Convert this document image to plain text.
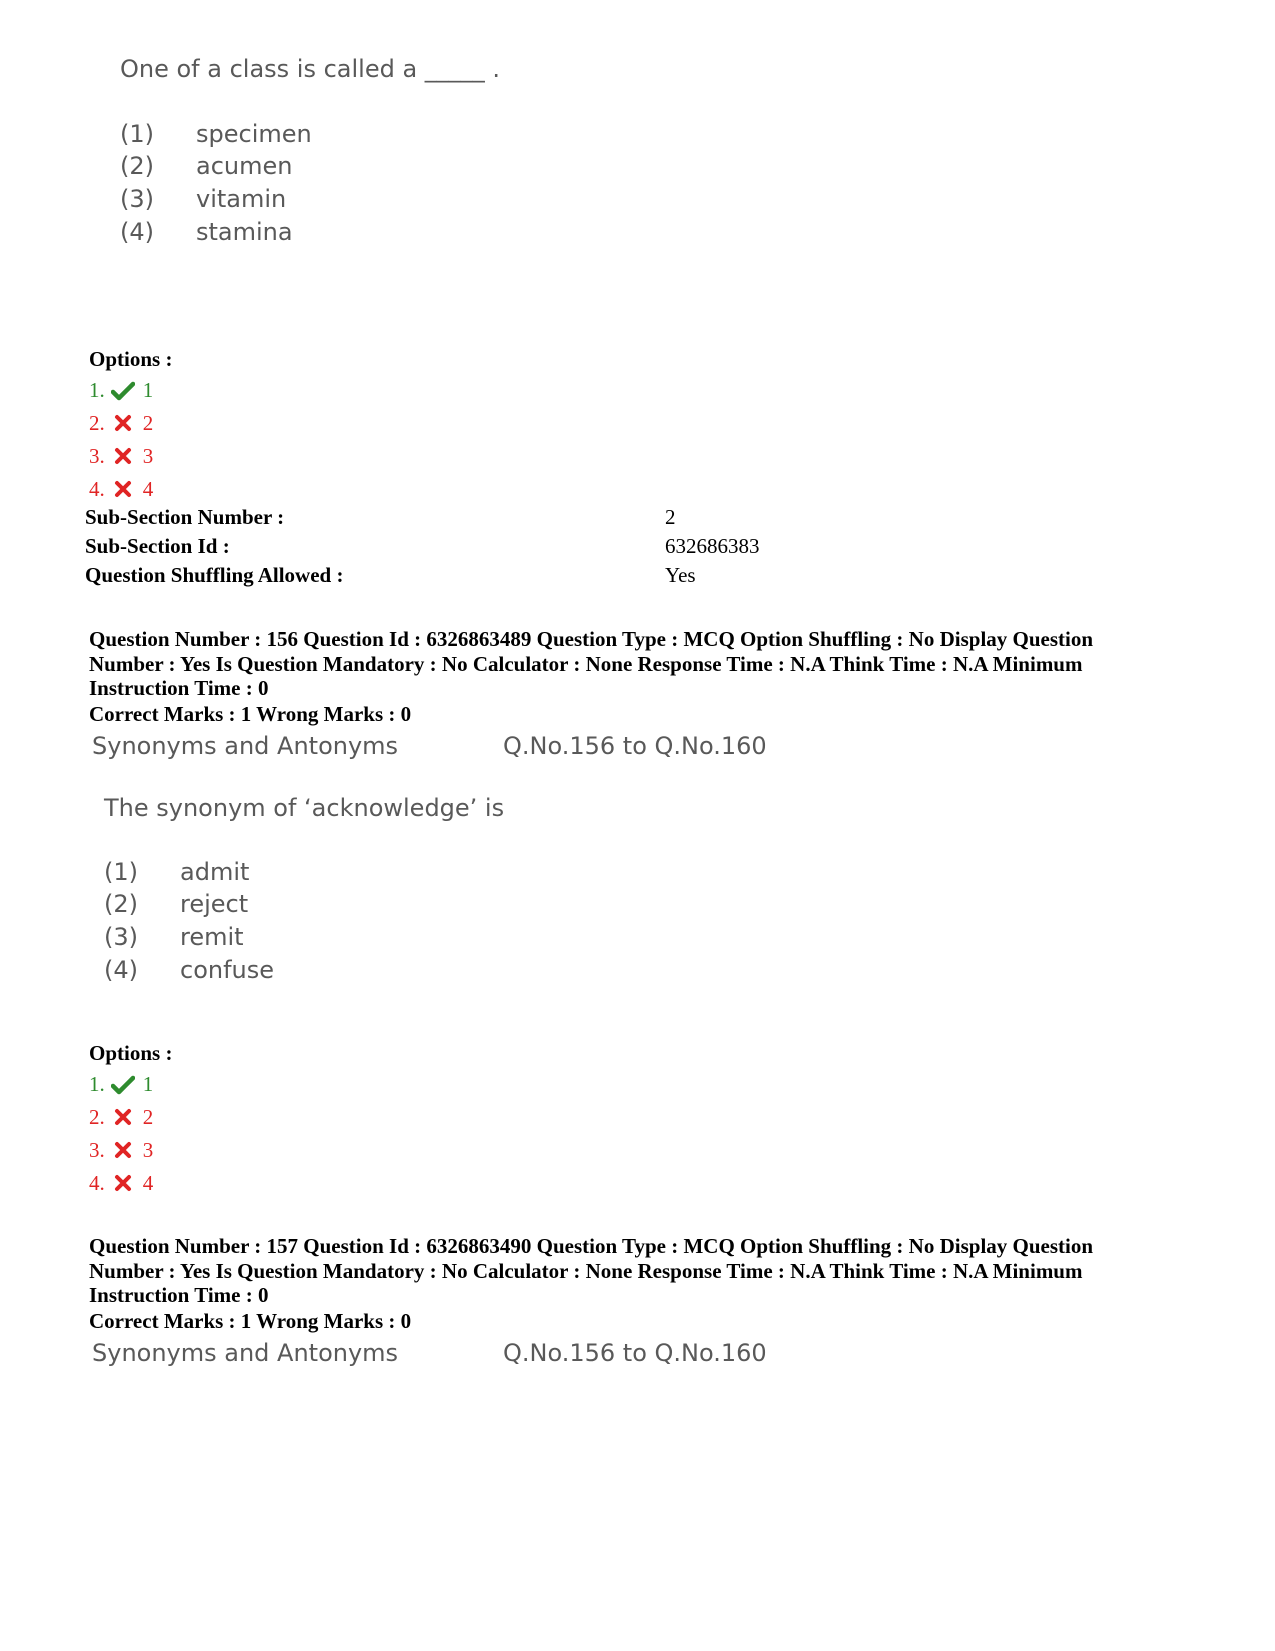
One of a class is called a _____ .
(1) specimen
(2) acumen
(3) vitamin
(4) stamina
Options :
1. 1
2. 2
3. 3
4. 4
Sub-Section Number :	2
Sub-Section Id :	632686383
Question Shuffling Allowed :	Yes
Question Number : 156 Question Id : 6326863489 Question Type : MCQ Option Shuffling : No Display Question Number : Yes Is Question Mandatory : No Calculator : None Response Time : N.A Think Time : N.A Minimum Instruction Time : 0
Correct Marks : 1 Wrong Marks : 0
Synonyms and Antonyms	Q.No.156 to Q.No.160
The synonym of ‘acknowledge’ is
(1) admit
(2) reject
(3) remit
(4) confuse
Options :
1. 1
2. 2
3. 3
4. 4
Question Number : 157 Question Id : 6326863490 Question Type : MCQ Option Shuffling : No Display Question Number : Yes Is Question Mandatory : No Calculator : None Response Time : N.A Think Time : N.A Minimum Instruction Time : 0
Correct Marks : 1 Wrong Marks : 0
Synonyms and Antonyms	Q.No.156 to Q.No.160
